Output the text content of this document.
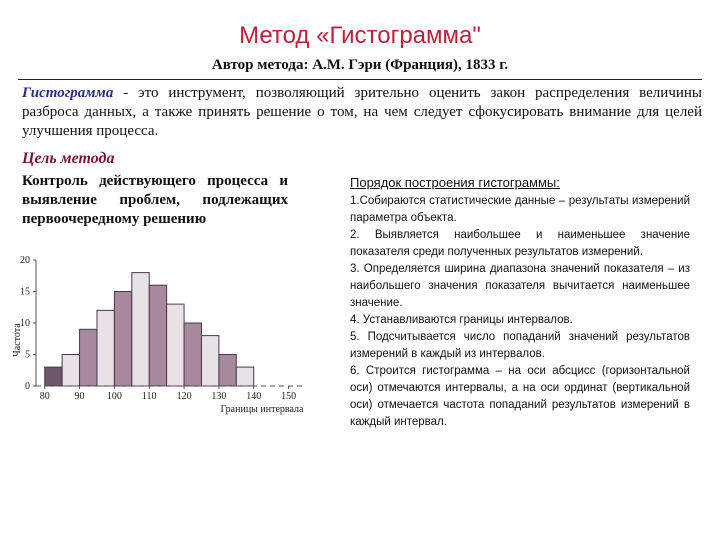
Метод «Гистограмма"
Автор метода: А.М. Гэри (Франция), 1833 г.
Гистограмма - это инструмент, позволяющий зрительно оценить закон распределения величины разброса данных, а также принять решение о том, на чем следует сфокусировать внимание для целей улучшения процесса.
Цель метода
Контроль действующего процесса и выявление проблем, подлежащих первоочередному решению
Порядок построения гистограммы:

1.Собираются статистические данные – результаты измерений параметра объекта.

2. Выявляется наибольшее и наименьшее значение показателя среди полученных результатов измерений.

3. Определяется ширина диапазона значений показателя – из наибольшего значения показателя вычитается наименьшее значение.

4. Устанавливаются границы интервалов.

5. Подсчитывается число попаданий значений результатов измерений в каждый из интервалов.

6. Строится гистограмма – на оси абсцисс (горизонтальной оси) отмечаются интервалы, а на оси ординат (вертикальной оси) отмечается частота попаданий результатов измерений в каждый интервал.

0
5
10
15
20
80 90 100 110 120 130 140 150
Частота
Границы интервала
